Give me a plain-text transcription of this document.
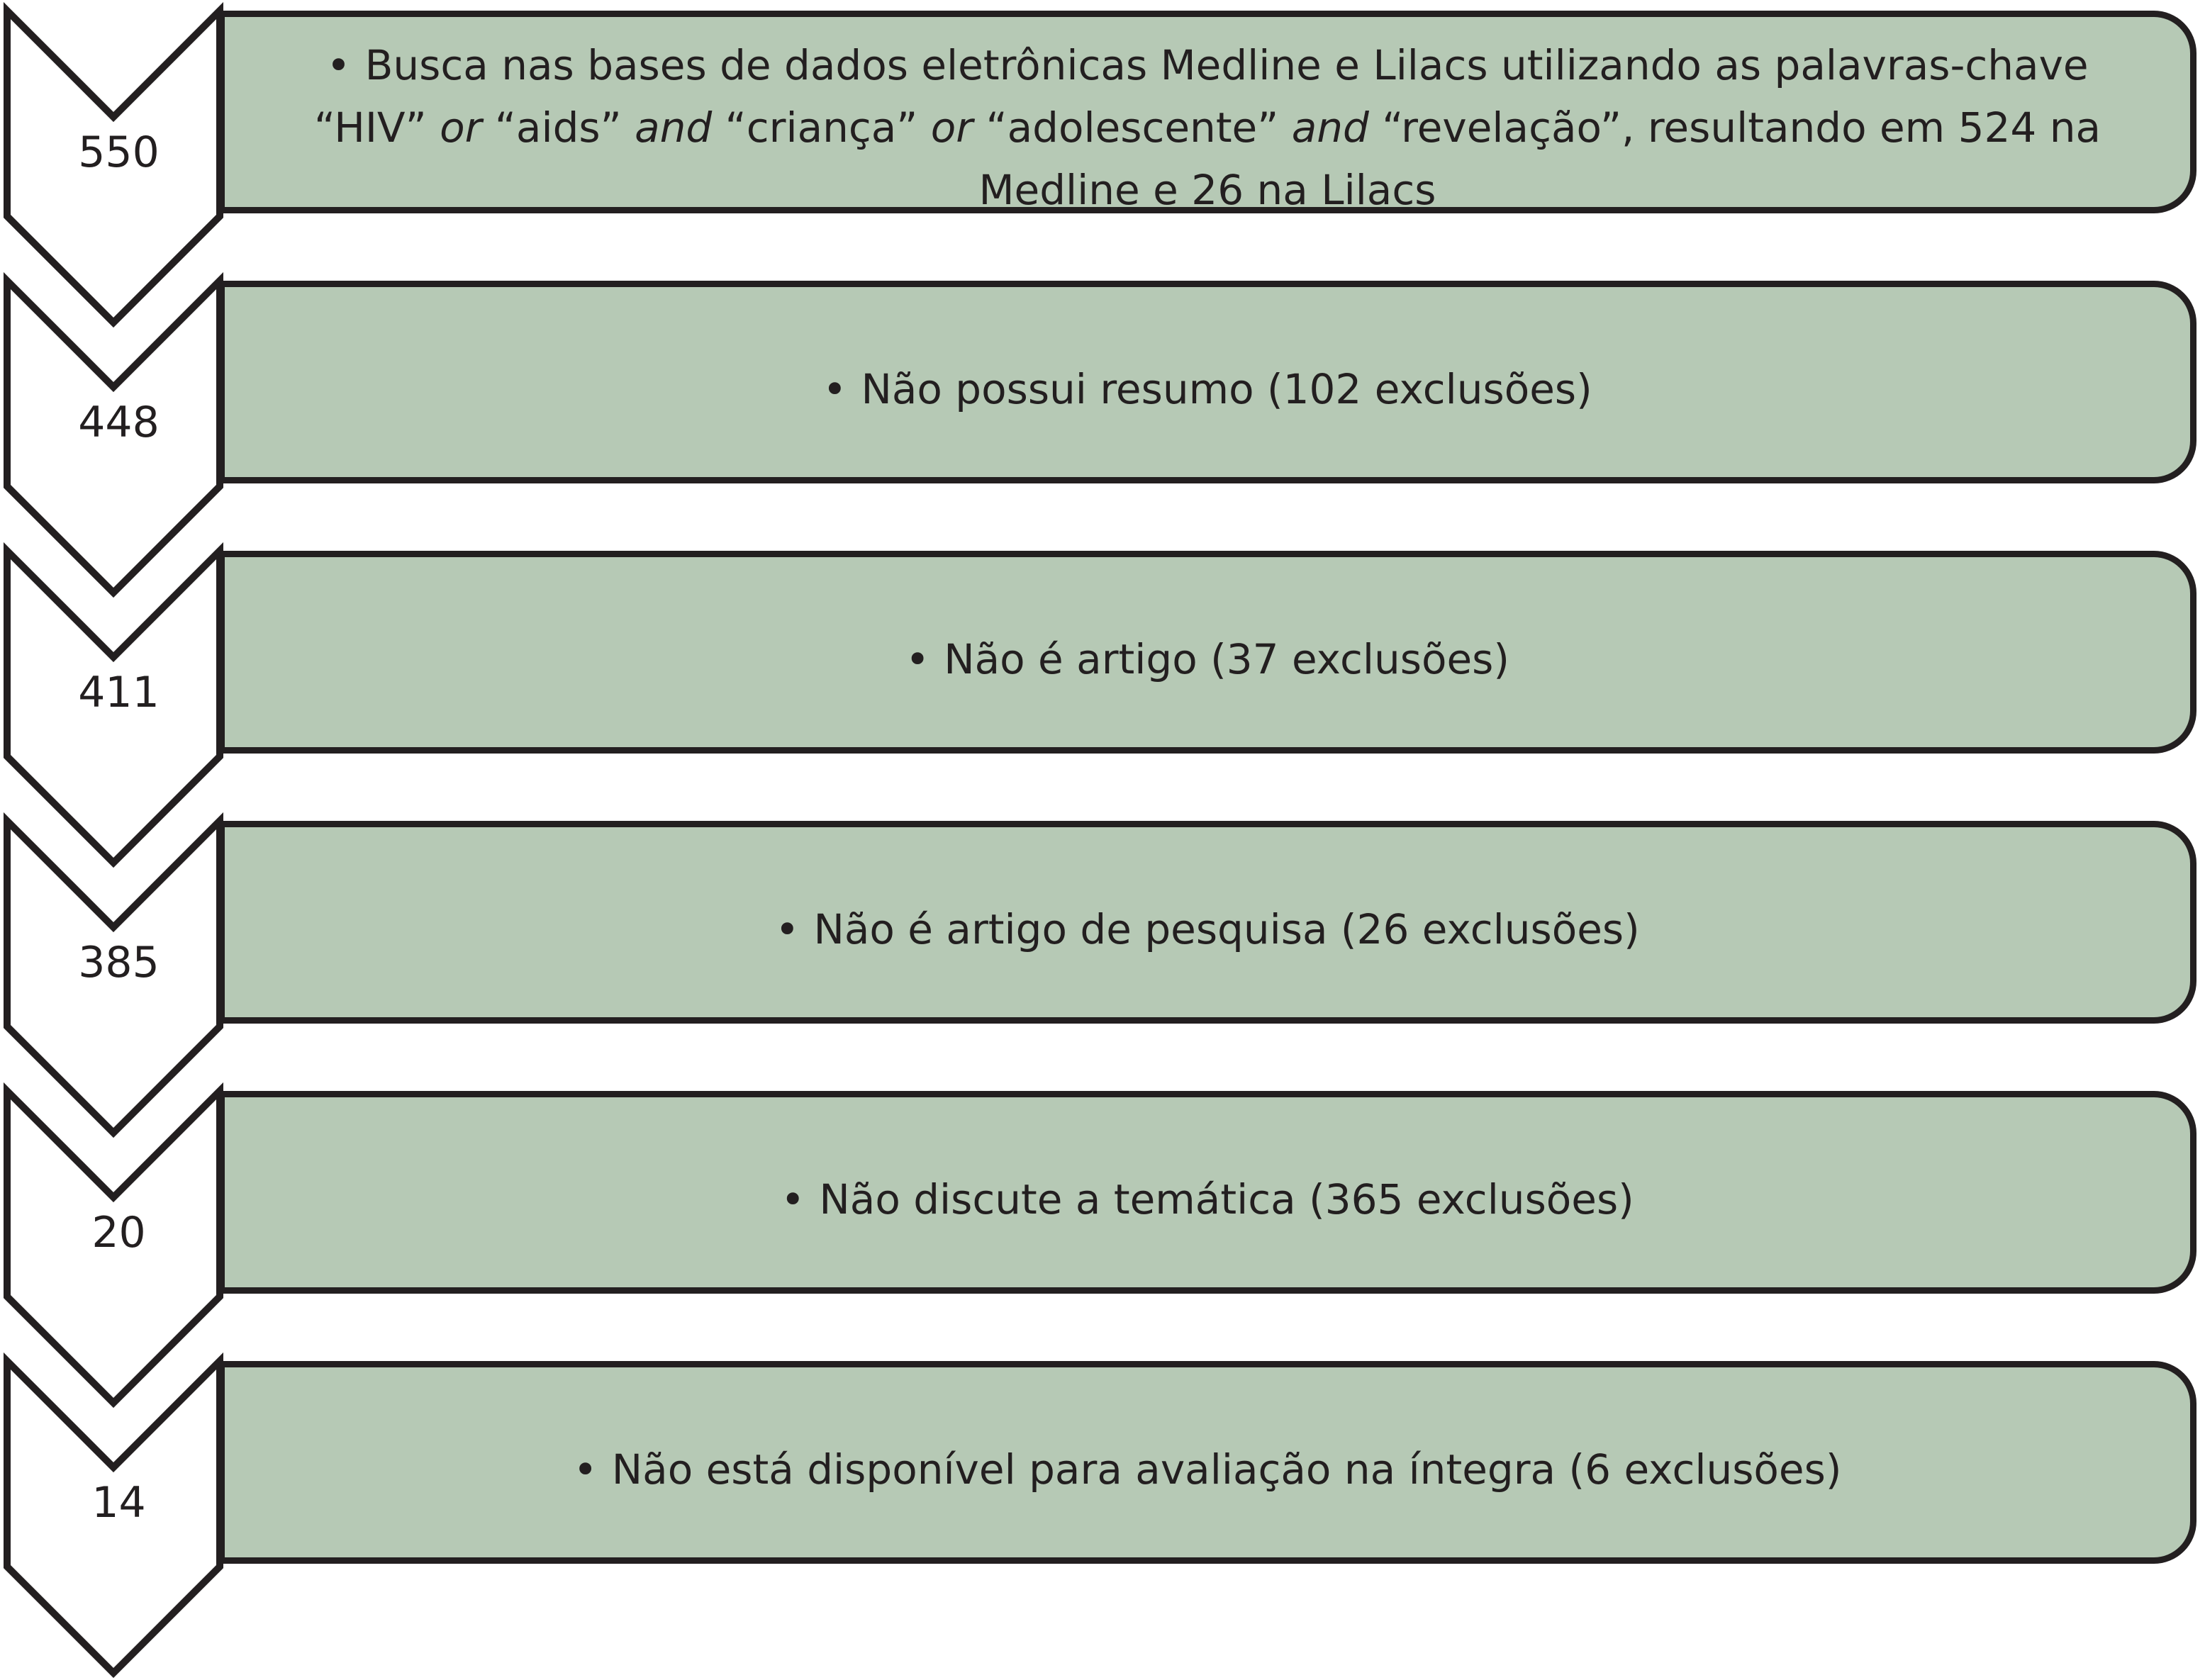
550
• Busca nas bases de dados eletrônicas Medline e Lilacs utilizando as palavras-chave “HIV” or “aids” and “criança” or “adolescente” and “revelação”, resultando em 524 na Medline e 26 na Lilacs
448
• Não possui resumo (102 exclusões)
411
• Não é artigo (37 exclusões)
385
• Não é artigo de pesquisa (26 exclusões)
20
• Não discute a temática (365 exclusões)
14
• Não está disponível para avaliação na íntegra (6 exclusões)
